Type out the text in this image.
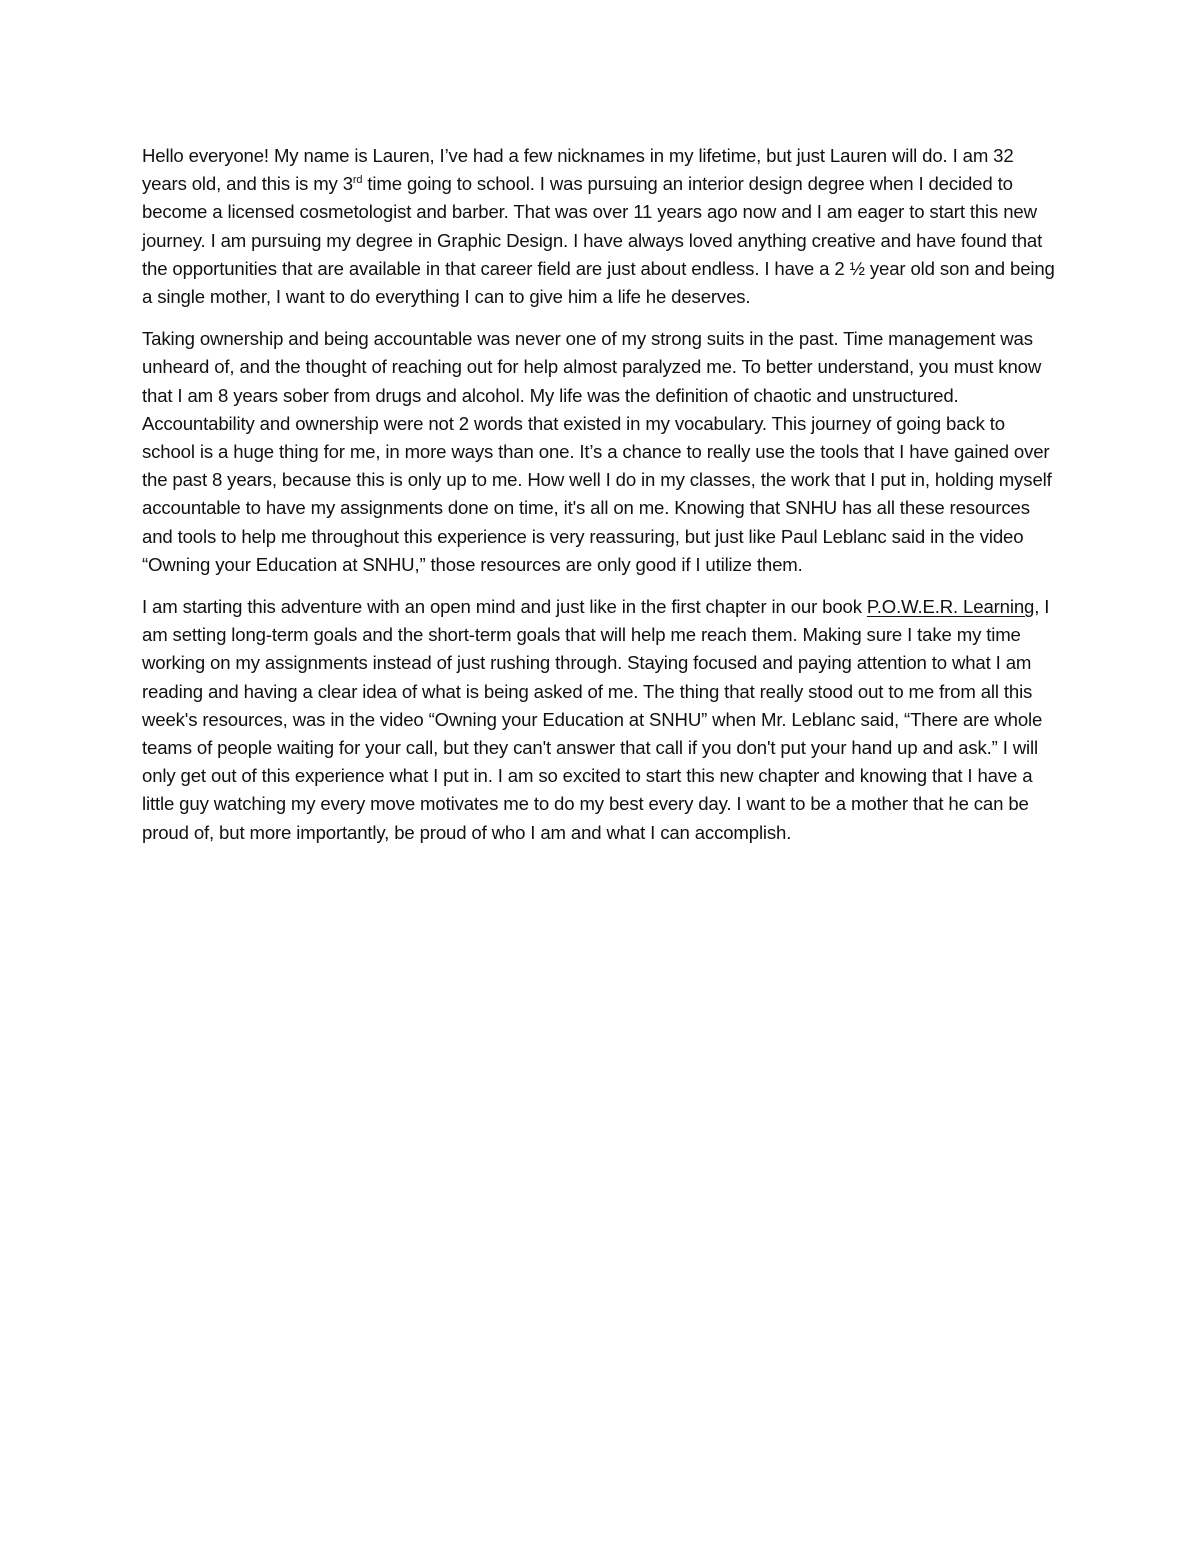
Hello everyone! My name is Lauren, I’ve had a few nicknames in my lifetime, but just Lauren will do. I am 32 years old, and this is my 3rd time going to school. I was pursuing an interior design degree when I decided to become a licensed cosmetologist and barber. That was over 11 years ago now and I am eager to start this new journey. I am pursuing my degree in Graphic Design. I have always loved anything creative and have found that the opportunities that are available in that career field are just about endless. I have a 2 ½ year old son and being a single mother, I want to do everything I can to give him a life he deserves.

Taking ownership and being accountable was never one of my strong suits in the past. Time management was unheard of, and the thought of reaching out for help almost paralyzed me. To better understand, you must know that I am 8 years sober from drugs and alcohol. My life was the definition of chaotic and unstructured. Accountability and ownership were not 2 words that existed in my vocabulary. This journey of going back to school is a huge thing for me, in more ways than one. It’s a chance to really use the tools that I have gained over the past 8 years, because this is only up to me. How well I do in my classes, the work that I put in, holding myself accountable to have my assignments done on time, it's all on me. Knowing that SNHU has all these resources and tools to help me throughout this experience is very reassuring, but just like Paul Leblanc said in the video “Owning your Education at SNHU,” those resources are only good if I utilize them.

I am starting this adventure with an open mind and just like in the first chapter in our book P.O.W.E.R. Learning, I am setting long-term goals and the short-term goals that will help me reach them. Making sure I take my time working on my assignments instead of just rushing through. Staying focused and paying attention to what I am reading and having a clear idea of what is being asked of me. The thing that really stood out to me from all this week's resources, was in the video “Owning your Education at SNHU” when Mr. Leblanc said, “There are whole teams of people waiting for your call, but they can't answer that call if you don't put your hand up and ask.” I will only get out of this experience what I put in. I am so excited to start this new chapter and knowing that I have a little guy watching my every move motivates me to do my best every day. I want to be a mother that he can be proud of, but more importantly, be proud of who I am and what I can accomplish.
